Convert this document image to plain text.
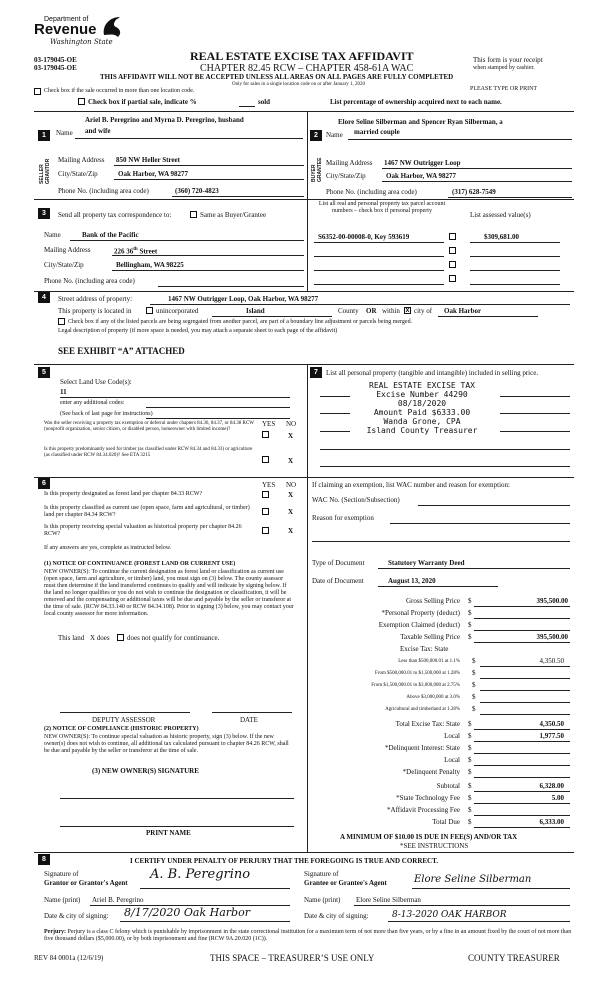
Department of
Revenue
Washington State
03-179045-OE
03-179045-OE
REAL ESTATE EXCISE TAX AFFIDAVIT
CHAPTER 82.45 RCW – CHAPTER 458-61A WAC
This form is your receipt
when stamped by cashier.
THIS AFFIDAVIT WILL NOT BE ACCEPTED UNLESS ALL AREAS ON ALL PAGES ARE FULLY COMPLETED
Only for sales in a single location code on or after January 1, 2020
PLEASE TYPE OR PRINT
Check box if the sale occurred in more than one location code.
Check box if partial sale, indicate %	sold	List percentage of ownership acquired next to each name.
1
Ariel B. Peregrino and Myrna D. Peregrino, husband
Name and wife
SELLER GRANTOR Mailing Address 850 NW Heller Street
City/State/Zip	Oak Harbor, WA 98277
Phone No. (including area code)	(360) 720-4823
2
Elore Seline Silberman and Spencer Ryan Silberman, a
Name married couple
BUYER GRANTEE Mailing Address 1467 NW Outrigger Loop
City/State/Zip	Oak Harbor, WA 98277
Phone No. (including area code)	(317) 628-7549
3	Send all property tax correspondence to:	Same as Buyer/Grantee
Name	Bank of the Pacific
Mailing Address	226 36th Street
City/State/Zip	Bellingham, WA 98225
Phone No. (including area code)
List all real and personal property tax parcel account numbers – check box if personal property	List assessed value(s)
S6352-00-00008-0, Key 593619	$309,681.00
4	Street address of property:	1467 NW Outrigger Loop, Oak Harbor, WA 98277
This property is located in	unincorporated	Island	County OR within x city of Oak Harbor
Check box if any of the listed parcels are being segregated from another parcel, are part of a boundary line adjustment or parcels being merged.
Legal description of property (if more space is needed, you may attach a separate sheet to each page of the affidavit)
SEE EXHIBIT “A” ATTACHED
5
Select Land Use Code(s):
11
enter any additional codes:
(See back of last page for instructions)
YES NO
Was the seller receiving a property tax exemption or deferral under chapters 84.36, 84.37, or 84.38 RCW (nonprofit organization, senior citizen, or disabled person, homeowner with limited income)?
X
Is this property predominantly used for timber (as classified under RCW 84.34 and 84.33) or agriculture (as classified under RCW 84.34.020)? See ETA 3215
X
7	List all personal property (tangible and intangible) included in selling price.
REAL ESTATE EXCISE TAX
Excise Number 44290
08/18/2020
Amount Paid $6333.00
Wanda Grone, CPA
Island County Treasurer
6	YES NO
Is this property designated as forest land per chapter 84.33 RCW?	X
Is this property classified as current use (open space, farm and agricultural, or timber) land per chapter 84.34 RCW?	X
Is this property receiving special valuation as historical property per chapter 84.26 RCW?	X
If any answers are yes, complete as instructed below.
(1) NOTICE OF CONTINUANCE (FOREST LAND OR CURRENT USE)
NEW OWNER(S): To continue the current designation as forest land or classification as current use (open space, farm and agriculture, or timber) land, you must sign on (3) below. The county assessor must then determine if the land transferred continues to qualify and will indicate by signing below. If the land no longer qualifies or you do not wish to continue the designation or classification, it will be removed and the compensating or additional taxes will be due and payable by the seller or transferor at the time of sale. (RCW 84.33.140 or RCW 84.34.108). Prior to signing (3) below, you may contact your local county assessor for more information.
This land X does does not qualify for continuance.
DEPUTY ASSESSOR	DATE
(2) NOTICE OF COMPLIANCE (HISTORIC PROPERTY)
NEW OWNER(S): To continue special valuation as historic property, sign (3) below. If the new owner(s) does not wish to continue, all additional tax calculated pursuant to chapter 84.26 RCW, shall be due and payable by the seller or transferor at the time of sale.
(3) NEW OWNER(S) SIGNATURE
PRINT NAME
If claiming an exemption, list WAC number and reason for exemption:
WAC No. (Section/Subsection)
Reason for exemption
Type of Document	Statutory Warranty Deed
Date of Document	August 13, 2020
Gross Selling Price $	395,500.00
*Personal Property (deduct) $
Exemption Claimed (deduct) $
Taxable Selling Price $	395,500.00
Excise Tax: State
Less than $500,000.01 at 1.1% $	4,350.50
From $500,000.01 to $1,500,000 at 1.28% $
From $1,500,000.01 to $3,000,000 at 2.75% $
Above $3,000,000 at 3.0% $
Agricultural and timberland at 1.28% $
Total Excise Tax: State $	4,350.50
Local $	1,977.50
*Delinquent Interest: State $
Local $
*Delinquent Penalty $
Subtotal $	6,328.00
*State Technology Fee $	5.00
*Affidavit Processing Fee $
Total Due $	6,333.00
A MINIMUM OF $10.00 IS DUE IN FEE(S) AND/OR TAX
*SEE INSTRUCTIONS
8	I CERTIFY UNDER PENALTY OF PERJURY THAT THE FOREGOING IS TRUE AND CORRECT.
Signature of
Grantor or Grantor's Agent
A. B. Peregrino
Name (print) Ariel B. Peregrino
Date & city of signing: 8/17/2020 Oak Harbor
Signature of
Grantee or Grantee's Agent	Elore Seline Silberman
Name (print) Elore Seline Silberman
Date & city of signing:	8-13-2020 OAK HARBOR
Perjury: Perjury is a class C felony which is punishable by imprisonment in the state correctional institution for a maximum term of not more than five years, or by a fine in an amount fixed by the court of not more than five thousand dollars ($5,000.00), or by both imprisonment and fine (RCW 9A.20.020 (1C)).
REV 84 0001a (12/6/19)	THIS SPACE – TREASURER’S USE ONLY	COUNTY TREASURER
